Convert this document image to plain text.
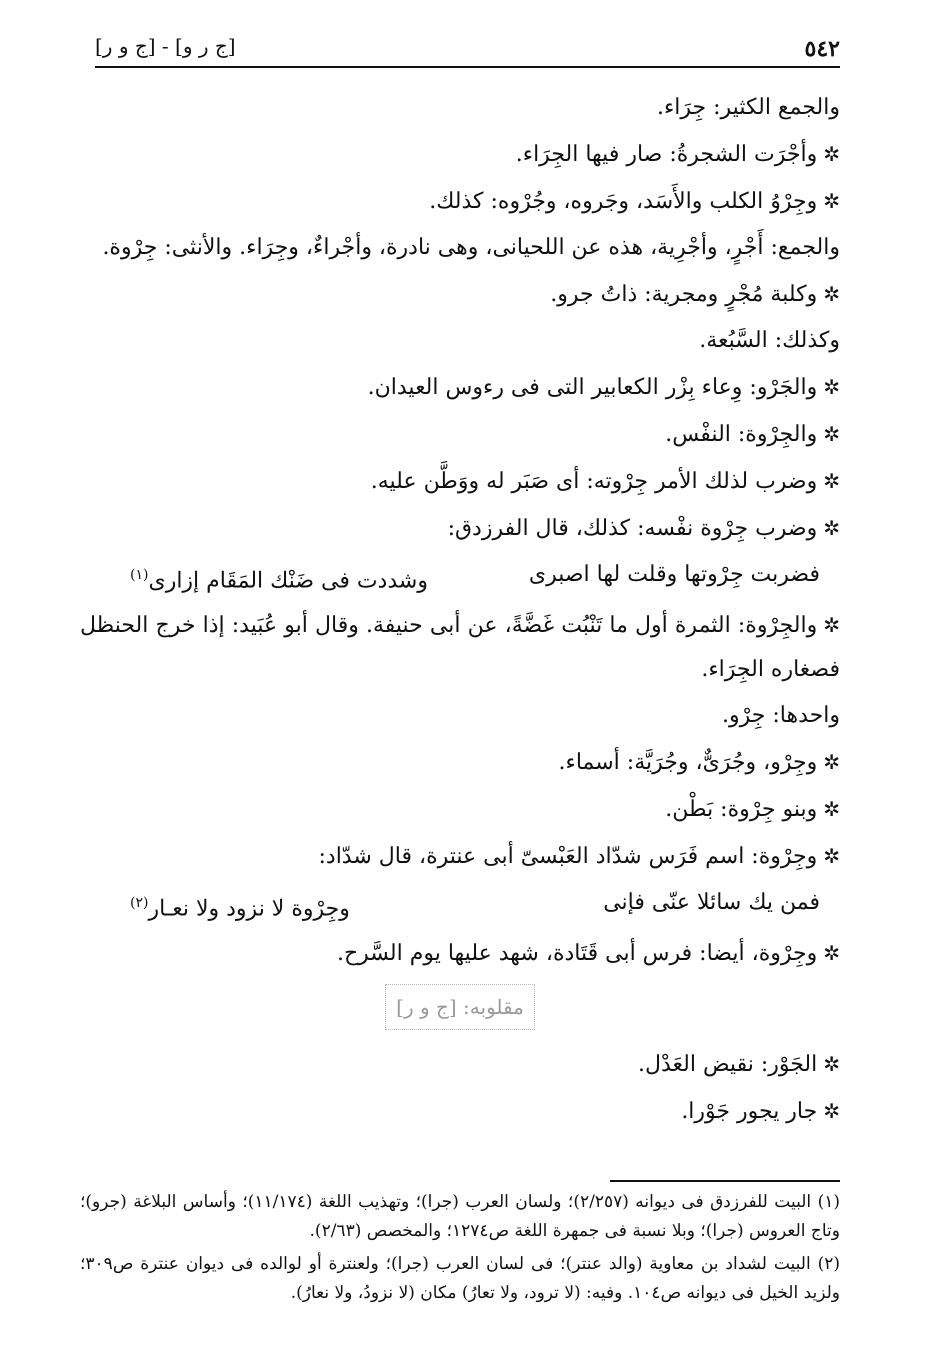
٥٤٢
[ج ر و] - [ج و ر]

والجمع الكثير: جِرَاء.

✲وأجْرَت الشجرةُ: صار فيها الجِرَاء.

✲وجِرْوُ الكلب والأَسَد، وجَروه، وجُرْوه: كذلك.

والجمع: أَجْرٍ، وأجْرِية، هذه عن اللحيانى، وهى نادرة، وأجْراءٌ، وجِرَاء. والأنثى: جِرْوة.

✲وكلبة مُجْرٍ ومجرية: ذاتُ جرو.

وكذلك: السَّبُعة.

✲والجَرْو: وِعاء بِزْر الكعابير التى فى رءوس العيدان.

✲والجِرْوة: النفْس.

✲وضرب لذلك الأمر جِرْوته: أى صَبَر له ووَطَّن عليه.

✲وضرب جِرْوة نفْسه: كذلك، قال الفرزدق:

فضربت جِرْوتها وقلت لها اصبرى
وشددت فى ضَنْك المَقَام إزارى$^{(١)}$

✲والجِرْوة: الثمرة أول ما تَنْبُت غَضَّةً، عن أبى حنيفة. وقال أبو عُبَيد: إذا خرج الحنظل فصغاره الجِرَاء.

واحدها: جِرْو.

✲وجِرْو، وجُرَىٌّ، وجُرَيَّة: أسماء.

✲وبنو جِرْوة: بَطْن.

✲وجِرْوة: اسم فَرَس شدّاد العَبْسىّ أبى عنترة، قال شدّاد:

فمن يك سائلا عنّى فإنى
وجِرْوة لا نزود ولا نعـار$^{(٢)}$

✲وجِرْوة، أيضا: فرس أبى قَتَادة، شهد عليها يوم السَّرح.

مقلوبه: [ج و ر]

✲الجَوْر: نقيض العَدْل.

✲جار يجور جَوْرا.

(١) البيت للفرزدق فى ديوانه (٢/٢٥٧)؛ ولسان العرب (جرا)؛ وتهذيب اللغة (١١/١٧٤)؛ وأساس البلاغة (جرو)؛ وتاج العروس (جرا)؛ وبلا نسبة فى جمهرة اللغة ص١٢٧٤؛ والمخصص (٢/٦٣).

(٢) البيت لشداد بن معاوية (والد عنتر)؛ فى لسان العرب (جرا)؛ ولعنترة أو لوالده فى ديوان عنترة ص٣٠٩؛ ولزيد الخيل فى ديوانه ص١٠٤. وفيه: (لا ترود، ولا تعارُ) مكان (لا نزودُ، ولا نعارُ).
